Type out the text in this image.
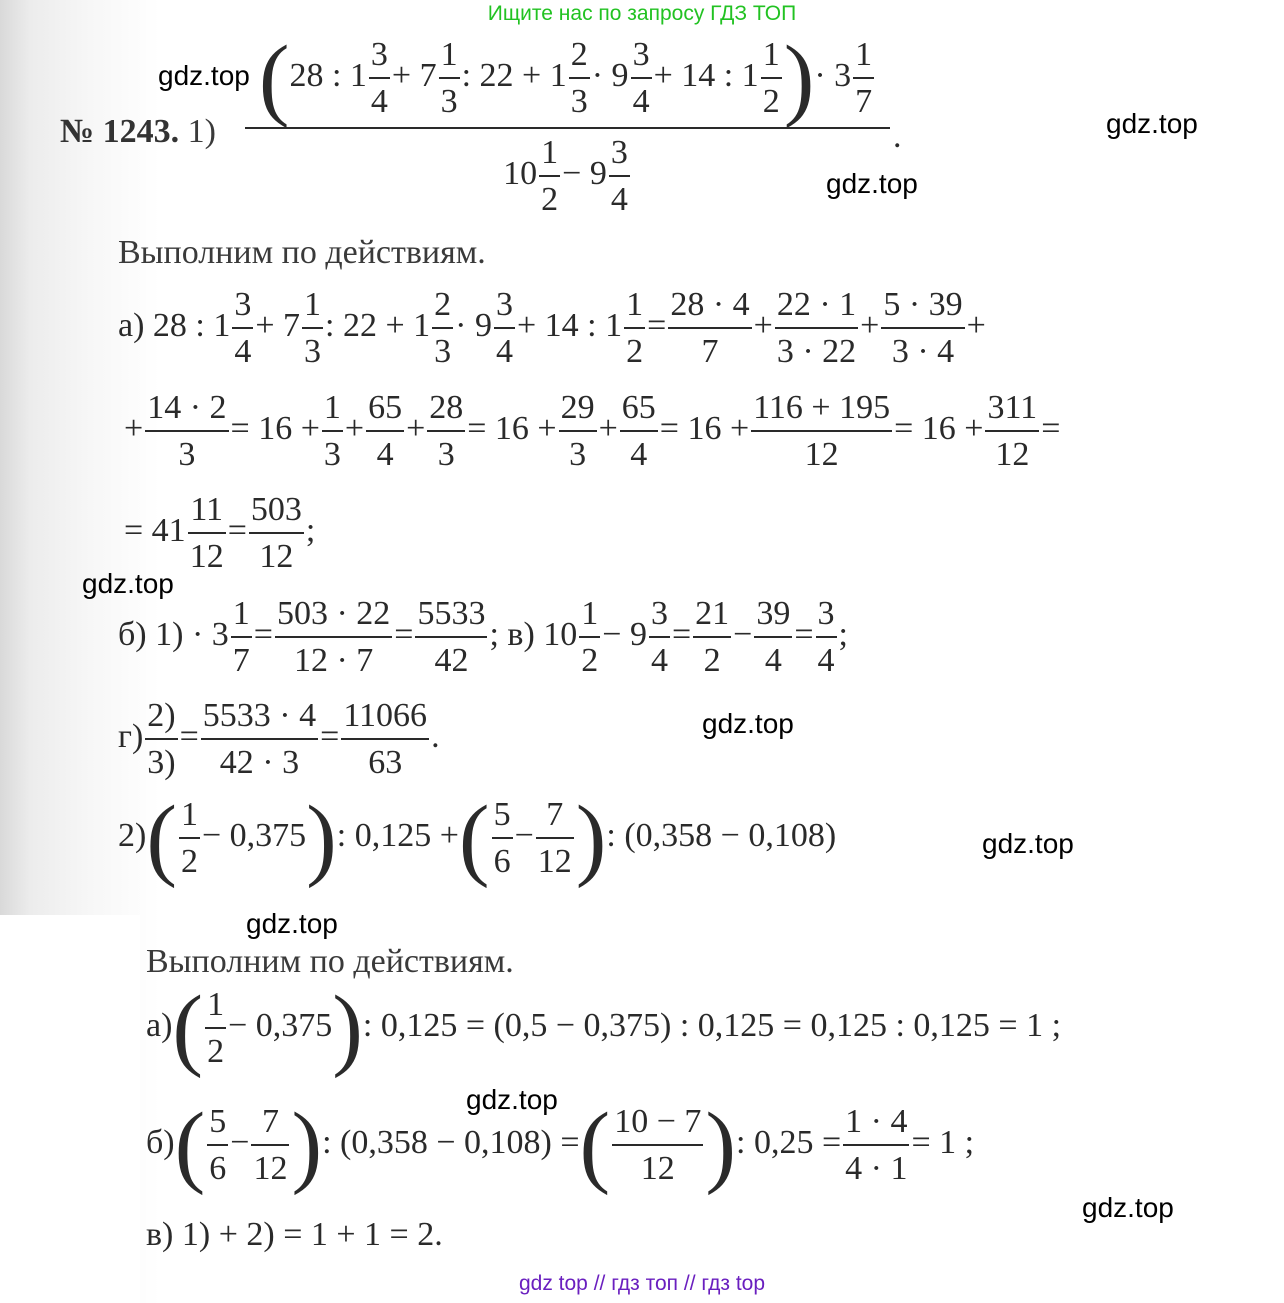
Ищите нас по запросу ГДЗ ТОП
№ 1243. 1)
(28 : $1 \frac{3}{4} + 7 \frac{1}{3}$ : $22 + 1 \frac{2}{3} \cdot 9 \frac{3}{4} + 14$ : $1 \frac{1}{2}$ )· $3 \frac{1}{7}$
$10 \frac{1}{2} - 9 \frac{3}{4}$	.
Выполним по действиям.
а) 28 : $1 \frac{3}{4} + 7 \frac{1}{3}$ : $22 + 1 \frac{2}{3} \cdot 9 \frac{3}{4} + 14$ : $1 \frac{1}{2} = \frac{28 \cdot 4}{7} + \frac{22 \cdot 1}{3 \cdot 22} + \frac{5 \cdot 39}{3 \cdot 4}$ +
+ $\frac{14 \cdot 2}{3} = 16 + \frac{1}{3} + \frac{65}{4} + \frac{28}{3} = 16 + \frac{29}{3} + \frac{65}{4} = 16 + \frac{116 + 195}{12} = 16 + \frac{311}{12}$ =
= $41 \frac{11}{12} = \frac{503}{12}$ ;
б) $1) \cdot 3 \frac{1}{7} = \frac{503 \cdot 22}{12 \cdot 7} = \frac{5533}{42}$ ; в) $10 \frac{1}{2} - 9 \frac{3}{4} = \frac{21}{2} - \frac{39}{4} = \frac{3}{4}$ ;
$г) \frac{2)}{3)} = \frac{5533 \cdot 4}{42 \cdot 3} = \frac{11066}{63}$ .
$2)( \frac{1}{2} - 0,375)$: 0,125 +( $\frac{5}{6} - \frac{7}{12}$ ): (0,358 − 0,108)
Выполним по действиям.
$а)( \frac{1}{2} - 0,375)$: 0,125 = (0,5 − 0,375) : 0,125 = 0,125 : 0,125 = 1 ;
$б)( \frac{5}{6} - \frac{7}{12}$ ): (0,358 − 0,108) =( $\frac{10 - 7}{12}$ ): $0,25 = \frac{1 \cdot 4}{4 \cdot 1} = 1$ ;
в) 1) + 2) = 1 + 1 = 2.
gdz.top
gdz.top
gdz.top
gdz.top
gdz.top
gdz.top
gdz.top
gdz.top
gdz.top
gdz top // гдз топ // гдз top
